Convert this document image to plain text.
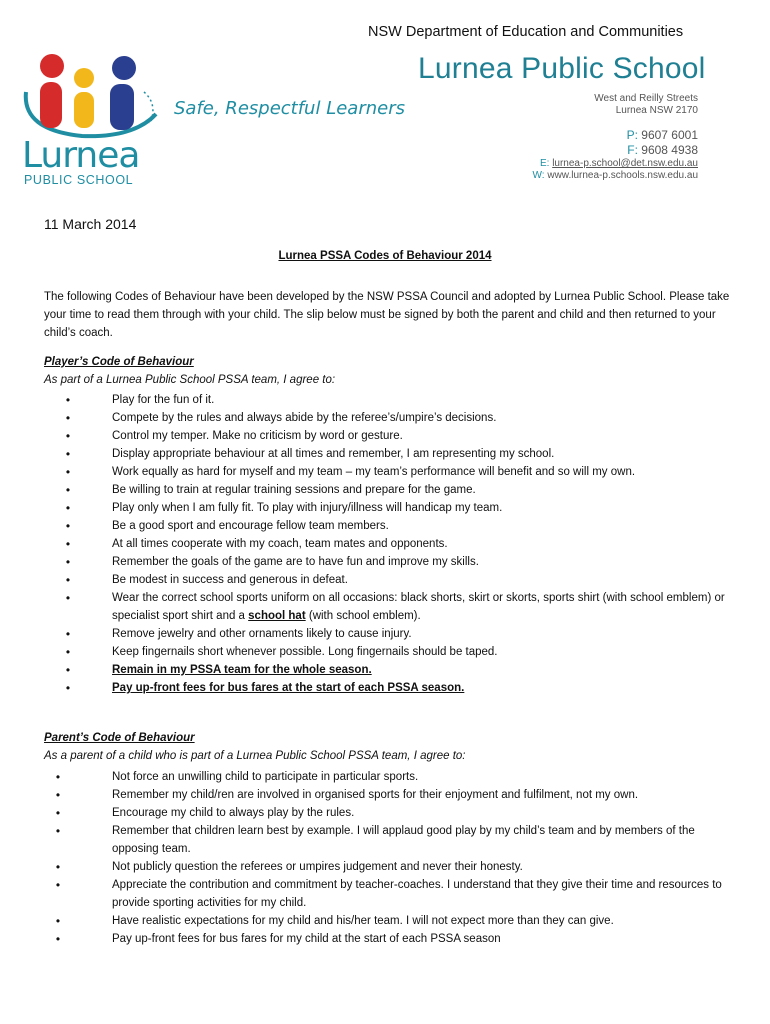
Lurnea
PUBLIC SCHOOL
NSW Department of Education and Communities
Lurnea Public School
Safe, Respectful Learners	West and Reilly Streets
Lurnea NSW 2170
P: 9607 6001
F: 9608 4938
E: lurnea-p.school@det.nsw.edu.au
W: www.lurnea-p.schools.nsw.edu.au
11 March 2014
Lurnea PSSA Codes of Behaviour 2014
The following Codes of Behaviour have been developed by the NSW PSSA Council and adopted by Lurnea Public School. Please take your time to read them through with your child. The slip below must be signed by both the parent and child and then returned to your child’s coach.
Player’s Code of Behaviour
As part of a Lurnea Public School PSSA team, I agree to:
•	Play for the fun of it.
•	Compete by the rules and always abide by the referee’s/umpire’s decisions.
•	Control my temper. Make no criticism by word or gesture.
•	Display appropriate behaviour at all times and remember, I am representing my school.
•	Work equally as hard for myself and my team – my team’s performance will benefit and so will my own.
•	Be willing to train at regular training sessions and prepare for the game.
•	Play only when I am fully fit. To play with injury/illness will handicap my team.
•	Be a good sport and encourage fellow team members.
•	At all times cooperate with my coach, team mates and opponents.
•	Remember the goals of the game are to have fun and improve my skills.
•	Be modest in success and generous in defeat.
•	Wear the correct school sports uniform on all occasions: black shorts, skirt or skorts, sports shirt (with school emblem) or specialist sport shirt and a school hat (with school emblem).
•	Remove jewelry and other ornaments likely to cause injury.
•	Keep fingernails short whenever possible. Long fingernails should be taped.
•	Remain in my PSSA team for the whole season.
•	Pay up-front fees for bus fares at the start of each PSSA season.
Parent’s Code of Behaviour
As a parent of a child who is part of a Lurnea Public School PSSA team, I agree to:
•	Not force an unwilling child to participate in particular sports.
•	Remember my child/ren are involved in organised sports for their enjoyment and fulfilment, not my own.
•	Encourage my child to always play by the rules.
•	Remember that children learn best by example. I will applaud good play by my child’s team and by members of the opposing team.
•	Not publicly question the referees or umpires judgement and never their honesty.
•	Appreciate the contribution and commitment by teacher-coaches. I understand that they give their time and resources to provide sporting activities for my child.
•	Have realistic expectations for my child and his/her team. I will not expect more than they can give.
•	Pay up-front fees for bus fares for my child at the start of each PSSA season
